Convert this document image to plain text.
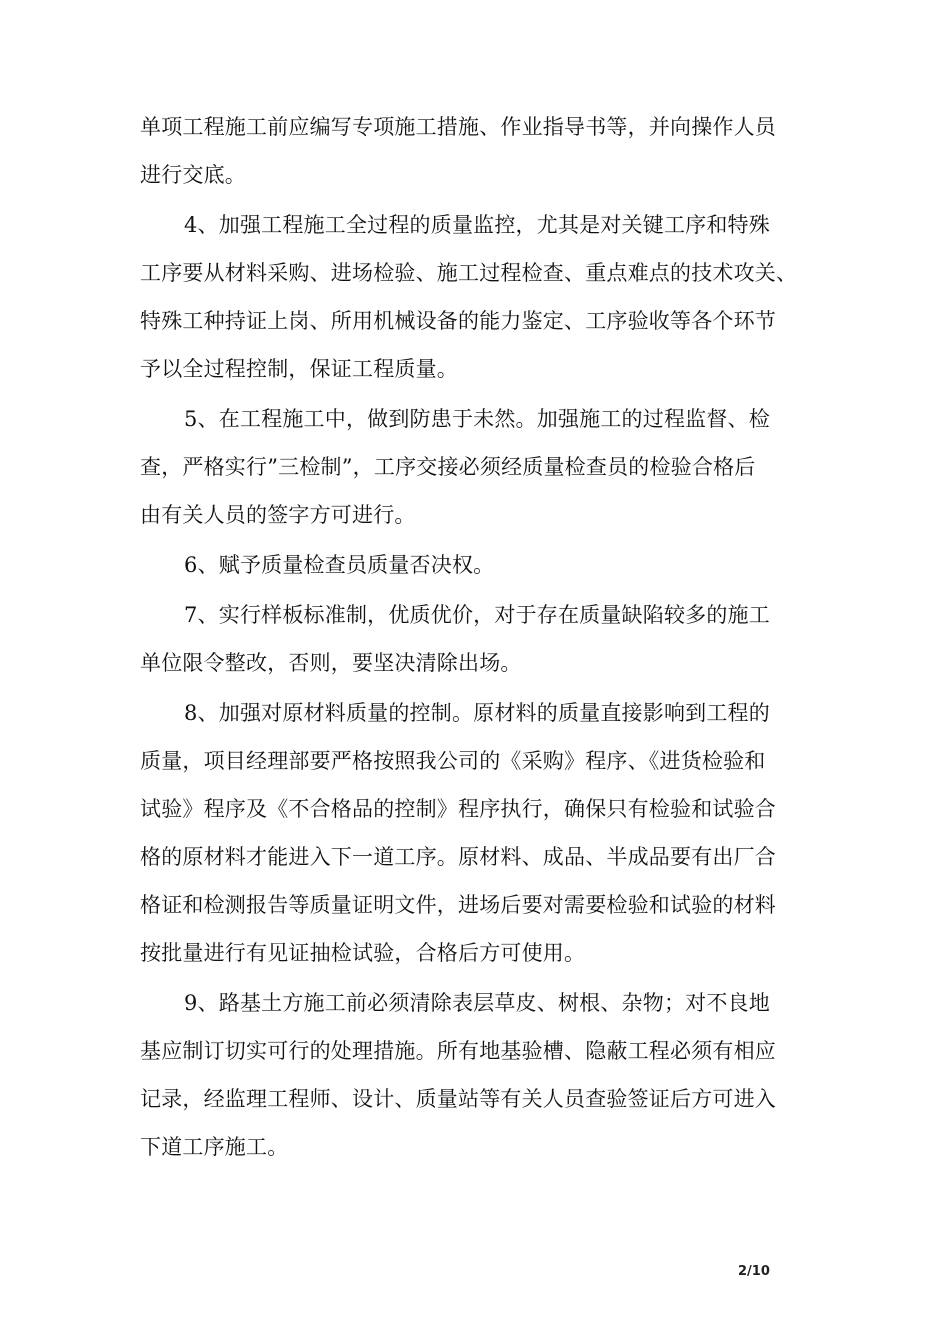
单项工程施工前应编写专项施工措施、作业指导书等，并向操作人员
进行交底。
4、加强工程施工全过程的质量监控，尤其是对关键工序和特殊
工序要从材料采购、进场检验、施工过程检查、重点难点的技术攻关、
特殊工种持证上岗、所用机械设备的能力鉴定、工序验收等各个环节
予以全过程控制，保证工程质量。
5、在工程施工中，做到防患于未然。加强施工的过程监督、检
查，严格实行”三检制”，工序交接必须经质量检查员的检验合格后
由有关人员的签字方可进行。
6、赋予质量检查员质量否决权。
7、实行样板标准制，优质优价，对于存在质量缺陷较多的施工
单位限令整改，否则，要坚决清除出场。
8、加强对原材料质量的控制。原材料的质量直接影响到工程的
质量，项目经理部要严格按照我公司的《采购》程序、《进货检验和
试验》程序及《不合格品的控制》程序执行，确保只有检验和试验合
格的原材料才能进入下一道工序。原材料、成品、半成品要有出厂合
格证和检测报告等质量证明文件，进场后要对需要检验和试验的材料
按批量进行有见证抽检试验，合格后方可使用。
9、路基土方施工前必须清除表层草皮、树根、杂物；对不良地
基应制订切实可行的处理措施。所有地基验槽、隐蔽工程必须有相应
记录，经监理工程师、设计、质量站等有关人员查验签证后方可进入
下道工序施工。
2/10
